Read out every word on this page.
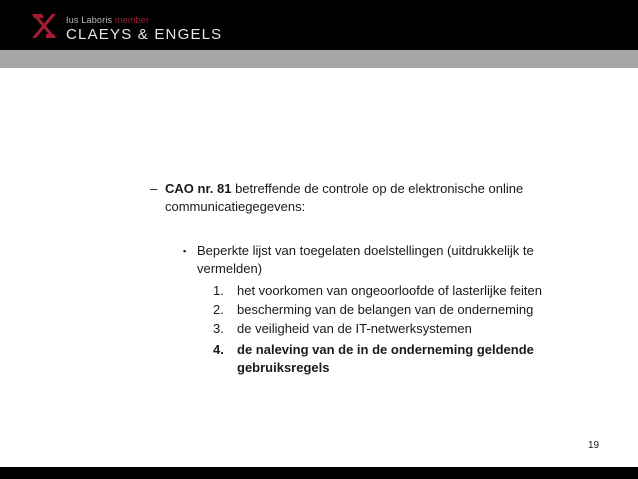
Ius Laboris member
CLAEYS & ENGELS
– CAO nr. 81 betreffende de controle op de elektronische online communicatiegegevens:
▪ Beperkte lijst van toegelaten doelstellingen (uitdrukkelijk te vermelden)
1.	het voorkomen van ongeoorloofde of lasterlijke feiten
2.	bescherming van de belangen van de onderneming
3.	de veiligheid van de IT-netwerksystemen
4.	de naleving van de in de onderneming geldende gebruiksregels
19
